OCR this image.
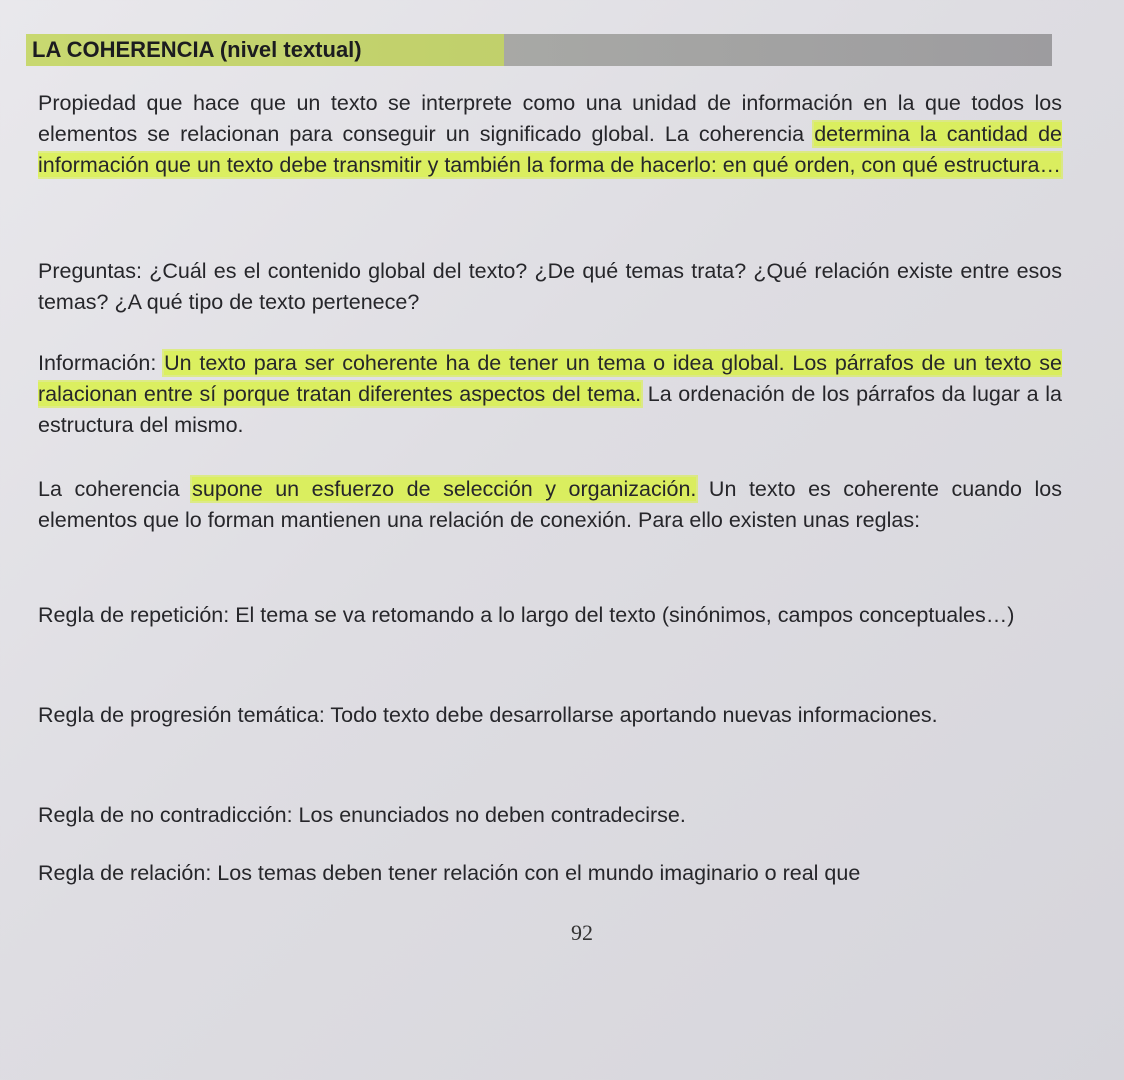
LA COHERENCIA (nivel textual)

Propiedad que hace que un texto se interprete como una unidad de información en la que todos los elementos se relacionan para conseguir un significado global. La coherencia determina la cantidad de información que un texto debe transmitir y también la forma de hacerlo: en qué orden, con qué estructura…

Preguntas: ¿Cuál es el contenido global del texto? ¿De qué temas trata? ¿Qué relación existe entre esos temas? ¿A qué tipo de texto pertenece?

Información: Un texto para ser coherente ha de tener un tema o idea global. Los párrafos de un texto se ralacionan entre sí porque tratan diferentes aspectos del tema. La ordenación de los párrafos da lugar a la estructura del mismo.

La coherencia supone un esfuerzo de selección y organización. Un texto es coherente cuando los elementos que lo forman mantienen una relación de conexión. Para ello existen unas reglas:

Regla de repetición: El tema se va retomando a lo largo del texto (sinónimos, campos conceptuales…)

Regla de progresión temática: Todo texto debe desarrollarse aportando nuevas informaciones.

Regla de no contradicción: Los enunciados no deben contradecirse.

Regla de relación: Los temas deben tener relación con el mundo imaginario o real que

92
